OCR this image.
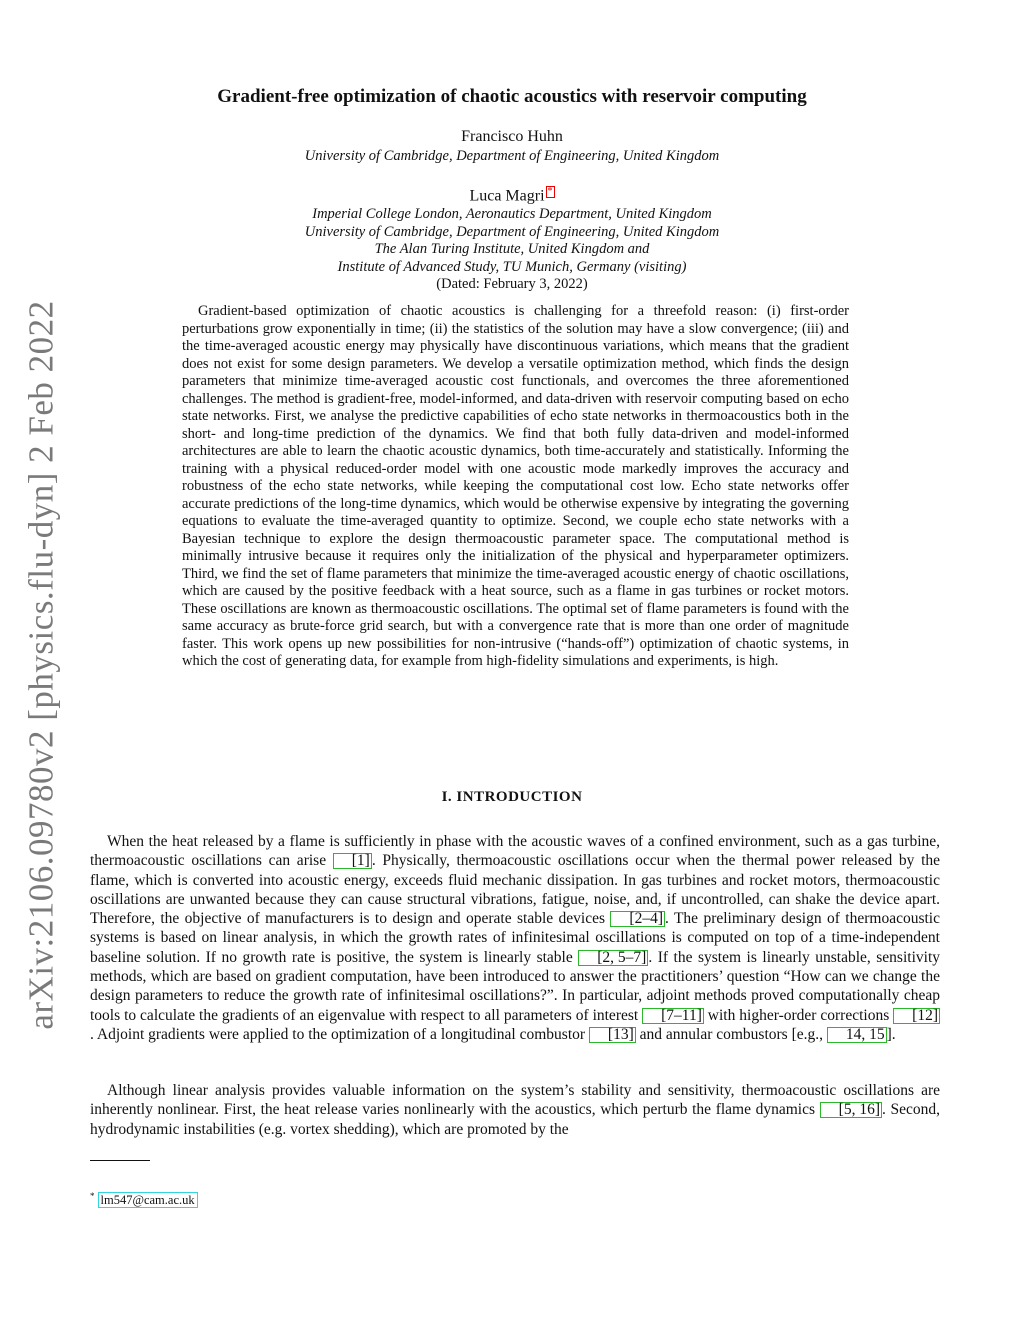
arXiv:2106.09780v2 [physics.flu-dyn] 2 Feb 2022
Gradient-free optimization of chaotic acoustics with reservoir computing
Francisco Huhn
University of Cambridge, Department of Engineering, United Kingdom
Luca Magri *
Imperial College London, Aeronautics Department, United Kingdom
University of Cambridge, Department of Engineering, United Kingdom
The Alan Turing Institute, United Kingdom and
Institute of Advanced Study, TU Munich, Germany (visiting)
(Dated: February 3, 2022)

Gradient-based optimization of chaotic acoustics is challenging for a threefold reason: (i) first-order perturbations grow exponentially in time; (ii) the statistics of the solution may have a slow convergence; (iii) and the time-averaged acoustic energy may physically have discontinuous variations, which means that the gradient does not exist for some design parameters. We develop a versatile optimization method, which finds the design parameters that minimize time-averaged acoustic cost functionals, and overcomes the three aforementioned challenges. The method is gradient-free, model-informed, and data-driven with reservoir computing based on echo state networks. First, we analyse the predictive capabilities of echo state networks in thermoacoustics both in the short- and long-time prediction of the dynamics. We find that both fully data-driven and model-informed architectures are able to learn the chaotic acoustic dynamics, both time-accurately and statistically. Informing the training with a physical reduced-order model with one acoustic mode markedly improves the accuracy and robustness of the echo state networks, while keeping the computational cost low. Echo state networks offer accurate predictions of the long-time dynamics, which would be otherwise expensive by integrating the governing equations to evaluate the time-averaged quantity to optimize. Second, we couple echo state networks with a Bayesian technique to explore the design thermoacoustic parameter space. The computational method is minimally intrusive because it requires only the initialization of the physical and hyperparameter optimizers. Third, we find the set of flame parameters that minimize the time-averaged acoustic energy of chaotic oscillations, which are caused by the positive feedback with a heat source, such as a flame in gas turbines or rocket motors. These oscillations are known as thermoacoustic oscillations. The optimal set of flame parameters is found with the same accuracy as brute-force grid search, but with a convergence rate that is more than one order of magnitude faster. This work opens up new possibilities for non-intrusive (“hands-off”) optimization of chaotic systems, in which the cost of generating data, for example from high-fidelity simulations and experiments, is high.

I. INTRODUCTION

When the heat released by a flame is sufficiently in phase with the acoustic waves of a confined environment, such as a gas turbine, thermoacoustic oscillations can arise [1] . Physically, thermoacoustic oscillations occur when the thermal power released by the flame, which is converted into acoustic energy, exceeds fluid mechanic dissipation. In gas turbines and rocket motors, thermoacoustic oscillations are unwanted because they can cause structural vibrations, fatigue, noise, and, if uncontrolled, can shake the device apart. Therefore, the objective of manufacturers is to design and operate stable devices [2–4] . The preliminary design of thermoacoustic systems is based on linear analysis, in which the growth rates of infinitesimal oscillations is computed on top of a time-independent baseline solution. If no growth rate is positive, the system is linearly stable [2, 5–7] . If the system is linearly unstable, sensitivity methods, which are based on gradient computation, have been introduced to answer the practitioners’ question “How can we change the design parameters to reduce the growth rate of infinitesimal oscillations?”. In particular, adjoint methods proved computationally cheap tools to calculate the gradients of an eigenvalue with respect to all parameters of interest [7–11] with higher-order corrections [12]. Adjoint gradients were applied to the optimization of a longitudinal combustor [13] and annular combustors [e.g., 14, 15 ].

Although linear analysis provides valuable information on the system’s stability and sensitivity, thermoacoustic oscillations are inherently nonlinear. First, the heat release varies nonlinearly with the acoustics, which perturb the flame dynamics [5, 16] . Second, hydrodynamic instabilities (e.g. vortex shedding), which are promoted by the

* lm547@cam.ac.uk
